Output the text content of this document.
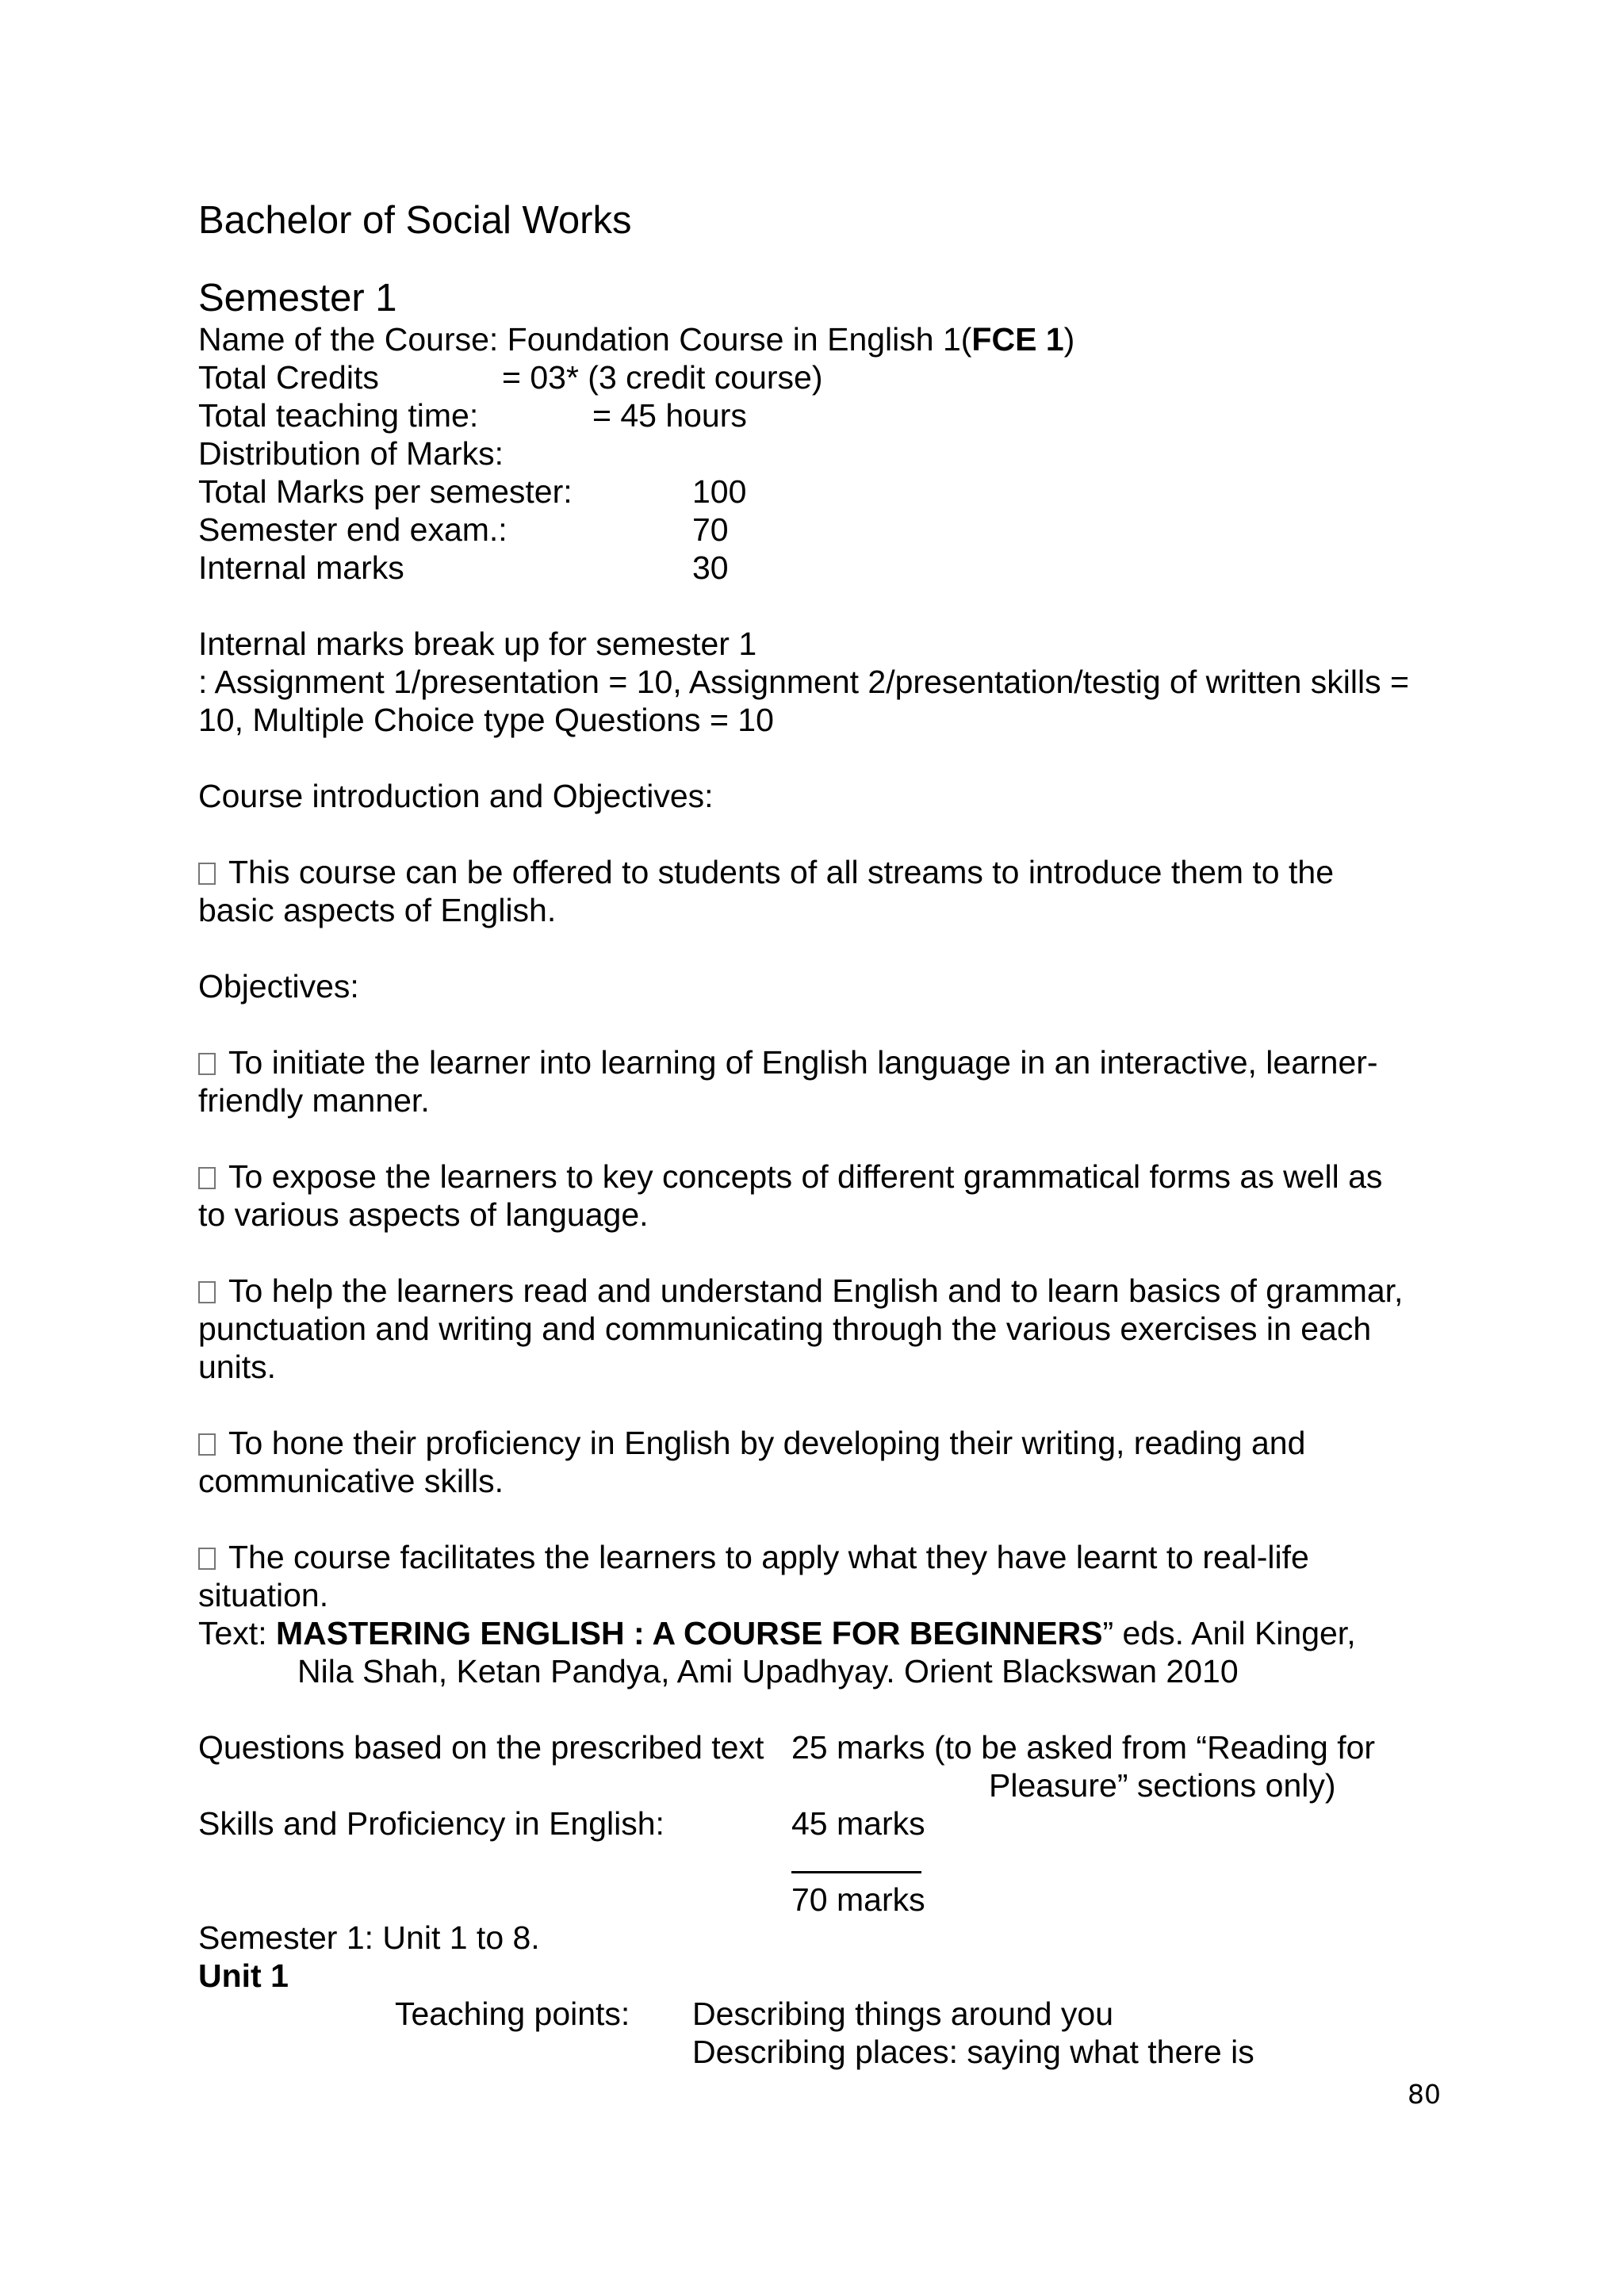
Bachelor of Social Works
Semester 1
Name of the Course: Foundation Course in English 1(FCE 1)
Total Credits	= 03* (3 credit course)
Total teaching time:	= 45 hours
Distribution of Marks:
Total Marks per semester:	100
Semester end exam.:	70
Internal marks	30
Internal marks break up for semester 1
: Assignment 1/presentation = 10, Assignment 2/presentation/testig of written skills =
10, Multiple Choice type Questions = 10
Course introduction and Objectives:
This course can be offered to students of all streams to introduce them to the
basic aspects of English.
Objectives:
To initiate the learner into learning of English language in an interactive, learner-
friendly manner.
To expose the learners to key concepts of different grammatical forms as well as
to various aspects of language.
To help the learners read and understand English and to learn basics of grammar,
punctuation and writing and communicating through the various exercises in each
units.
To hone their proficiency in English by developing their writing, reading and
communicative skills.
The course facilitates the learners to apply what they have learnt to real-life
situation.
Text: MASTERING ENGLISH : A COURSE FOR BEGINNERS” eds. Anil Kinger,
Nila Shah, Ketan Pandya, Ami Upadhyay. Orient Blackswan 2010
Questions based on the prescribed text 25 marks (to be asked from “Reading for
Pleasure” sections only)
Skills and Proficiency in English:	45 marks
70 marks
Semester 1: Unit 1 to 8.
Unit 1
Teaching points: Describing things around you
Describing places: saying what there is
80
